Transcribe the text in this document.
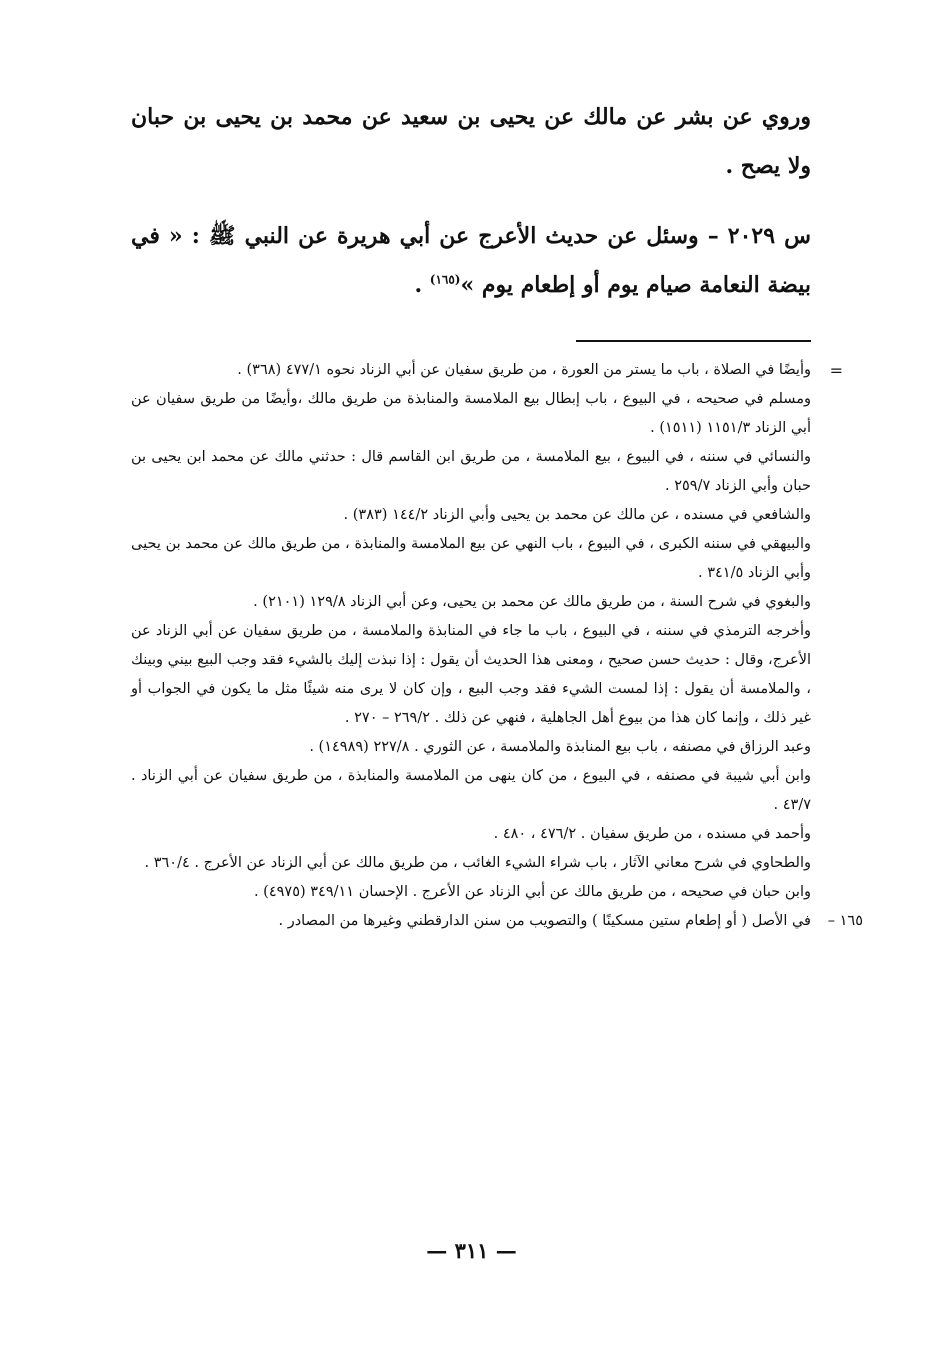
وروي عن بشر عن مالك عن يحيى بن سعيد عن محمد بن يحيى بن حبان ولا يصح .

س ٢٠٢٩ – وسئل عن حديث الأعرج عن أبي هريرة عن النبي ﷺ : « في بيضة النعامة صيام يوم أو إطعام يوم »$^{(١٦٥)}$ .

=

وأيضًا في الصلاة ، باب ما يستر من العورة ، من طريق سفيان عن أبي الزناد نحوه ٤٧٧/١ (٣٦٨) .

ومسلم في صحيحه ، في البيوع ، باب إبطال بيع الملامسة والمنابذة من طريق مالك ،وأيضًا من طريق سفيان عن أبي الزناد ١١٥١/٣ (١٥١١) .

والنسائي في سننه ، في البيوع ، بيع الملامسة ، من طريق ابن القاسم قال : حدثني مالك عن محمد ابن يحيى بن حبان وأبي الزناد ٢٥٩/٧ .

والشافعي في مسنده ، عن مالك عن محمد بن يحيى وأبي الزناد ١٤٤/٢ (٣٨٣) .

والبيهقي في سننه الكبرى ، في البيوع ، باب النهي عن بيع الملامسة والمنابذة ، من طريق مالك عن محمد بن يحيى وأبي الزناد ٣٤١/٥ .

والبغوي في شرح السنة ، من طريق مالك عن محمد بن يحيى، وعن أبي الزناد ١٢٩/٨ (٢١٠١) .

وأخرجه الترمذي في سننه ، في البيوع ، باب ما جاء في المنابذة والملامسة ، من طريق سفيان عن أبي الزناد عن الأعرج، وقال : حديث حسن صحيح ، ومعنى هذا الحديث أن يقول : إذا نبذت إليك بالشيء فقد وجب البيع بيني وبينك ، والملامسة أن يقول : إذا لمست الشيء فقد وجب البيع ، وإن كان لا يرى منه شيئًا مثل ما يكون في الجواب أو غير ذلك ، وإنما كان هذا من بيوع أهل الجاهلية ، فنهي عن ذلك . ٢٦٩/٢ – ٢٧٠ .

وعبد الرزاق في مصنفه ، باب بيع المنابذة والملامسة ، عن الثوري . ٢٢٧/٨ (١٤٩٨٩) .

وابن أبي شيبة في مصنفه ، في البيوع ، من كان ينهى من الملامسة والمنابذة ، من طريق سفيان عن أبي الزناد . ٤٣/٧ .

وأحمد في مسنده ، من طريق سفيان . ٤٧٦/٢ ، ٤٨٠ .

والطحاوي في شرح معاني الآثار ، باب شراء الشيء الغائب ، من طريق مالك عن أبي الزناد عن الأعرج . ٣٦٠/٤ .

وابن حبان في صحيحه ، من طريق مالك عن أبي الزناد عن الأعرج . الإحسان ٣٤٩/١١ (٤٩٧٥) .

١٦٥ –
في الأصل ( أو إطعام ستين مسكينًا ) والتصويب من سنن الدارقطني وغيرها من المصادر .

— ٣١١ —
